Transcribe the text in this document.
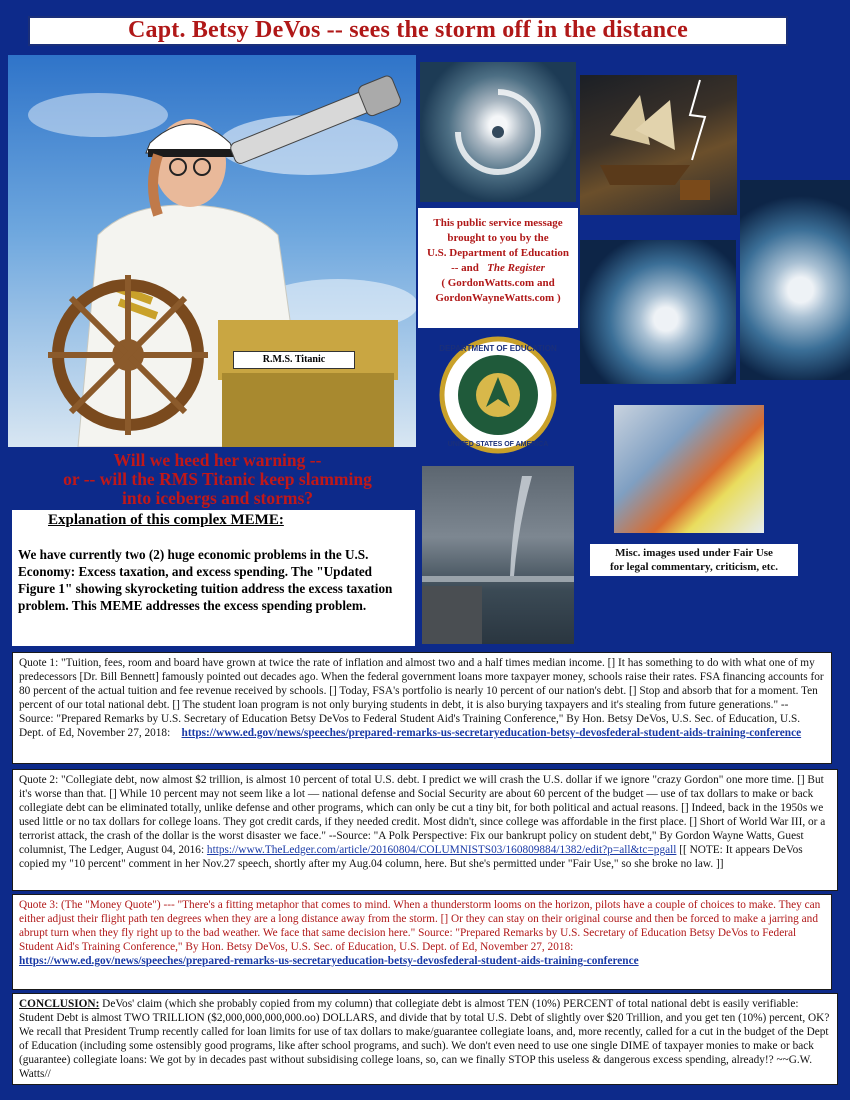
Capt. Betsy DeVos -- sees the storm off in the distance
R.M.S. Titanic
Will we heed her warning --
or -- will the RMS Titanic keep slamming
into icebergs and storms?
This public service message
brought to you by the
U.S. Department of Education
-- and The Register
( GordonWatts.com and
GordonWayneWatts.com )
DEPARTMENT OF EDUCATION
UNITED STATES OF AMERICA
Misc. images used under Fair Use
for legal commentary, criticism, etc.
Explanation of this complex MEME:
We have currently two (2) huge economic problems in the U.S. Economy: Excess taxation, and excess spending. The "Updated Figure 1" showing skyrocketing tuition address the excess taxation problem. This MEME addresses the excess spending problem.
Quote 1: "Tuition, fees, room and board have grown at twice the rate of inflation and almost two and a half times median income. [] It has something to do with what one of my predecessors [Dr. Bill Bennett] famously pointed out decades ago. When the federal government loans more taxpayer money, schools raise their rates. FSA financing accounts for 80 percent of the actual tuition and fee revenue received by schools. [] Today, FSA's portfolio is nearly 10 percent of our nation's debt. [] Stop and absorb that for a moment. Ten percent of our total national debt. [] The student loan program is not only burying students in debt, it is also burying taxpayers and it's stealing from future generations." -- Source: "Prepared Remarks by U.S. Secretary of Education Betsy DeVos to Federal Student Aid's Training Conference," By Hon. Betsy DeVos, U.S. Sec. of Education, U.S. Dept. of Ed, November 27, 2018: https://www.ed.gov/news/speeches/prepared-remarks-us-secretaryeducation-betsy-devosfederal-student-aids-training-conference
Quote 2: "Collegiate debt, now almost $2 trillion, is almost 10 percent of total U.S. debt. I predict we will crash the U.S. dollar if we ignore "crazy Gordon" one more time. [] But it's worse than that. [] While 10 percent may not seem like a lot — national defense and Social Security are about 60 percent of the budget — use of tax dollars to make or back collegiate debt can be eliminated totally, unlike defense and other programs, which can only be cut a tiny bit, for both political and actual reasons. [] Indeed, back in the 1950s we used little or no tax dollars for college loans. They got credit cards, if they needed credit. Most didn't, since college was affordable in the first place. [] Short of World War III, or a terrorist attack, the crash of the dollar is the worst disaster we face." --Source: "A Polk Perspective: Fix our bankrupt policy on student debt," By Gordon Wayne Watts, Guest columnist, The Ledger, August 04, 2016: https://www.TheLedger.com/article/20160804/COLUMNISTS03/160809884/1382/edit?p=all&tc=pgall [[ NOTE: It appears DeVos copied my "10 percent" comment in her Nov.27 speech, shortly after my Aug.04 column, here. But she's permitted under "Fair Use," so she broke no law. ]]
Quote 3: (The "Money Quote") --- "There's a fitting metaphor that comes to mind. When a thunderstorm looms on the horizon, pilots have a couple of choices to make. They can either adjust their flight path ten degrees when they are a long distance away from the storm. [] Or they can stay on their original course and then be forced to make a jarring and abrupt turn when they fly right up to the bad weather. We face that same decision here." Source: "Prepared Remarks by U.S. Secretary of Education Betsy DeVos to Federal Student Aid's Training Conference," By Hon. Betsy DeVos, U.S. Sec. of Education, U.S. Dept. of Ed, November 27, 2018:
https://www.ed.gov/news/speeches/prepared-remarks-us-secretaryeducation-betsy-devosfederal-student-aids-training-conference
CONCLUSION: DeVos' claim (which she probably copied from my column) that collegiate debt is almost TEN (10%) PERCENT of total national debt is easily verifiable: Student Debt is almost TWO TRILLION ($2,000,000,000,000.oo) DOLLARS, and divide that by total U.S. Debt of slightly over $20 Trillion, and you get ten (10%) percent, OK? We recall that President Trump recently called for loan limits for use of tax dollars to make/guarantee collegiate loans, and, more recently, called for a cut in the budget of the Dept of Education (including some ostensibly good programs, like after school programs, and such). We don't even need to use one single DIME of taxpayer monies to make or back (guarantee) collegiate loans: We got by in decades past without subsidising college loans, so, can we finally STOP this useless & dangerous excess spending, already!? ~~G.W. Watts//
